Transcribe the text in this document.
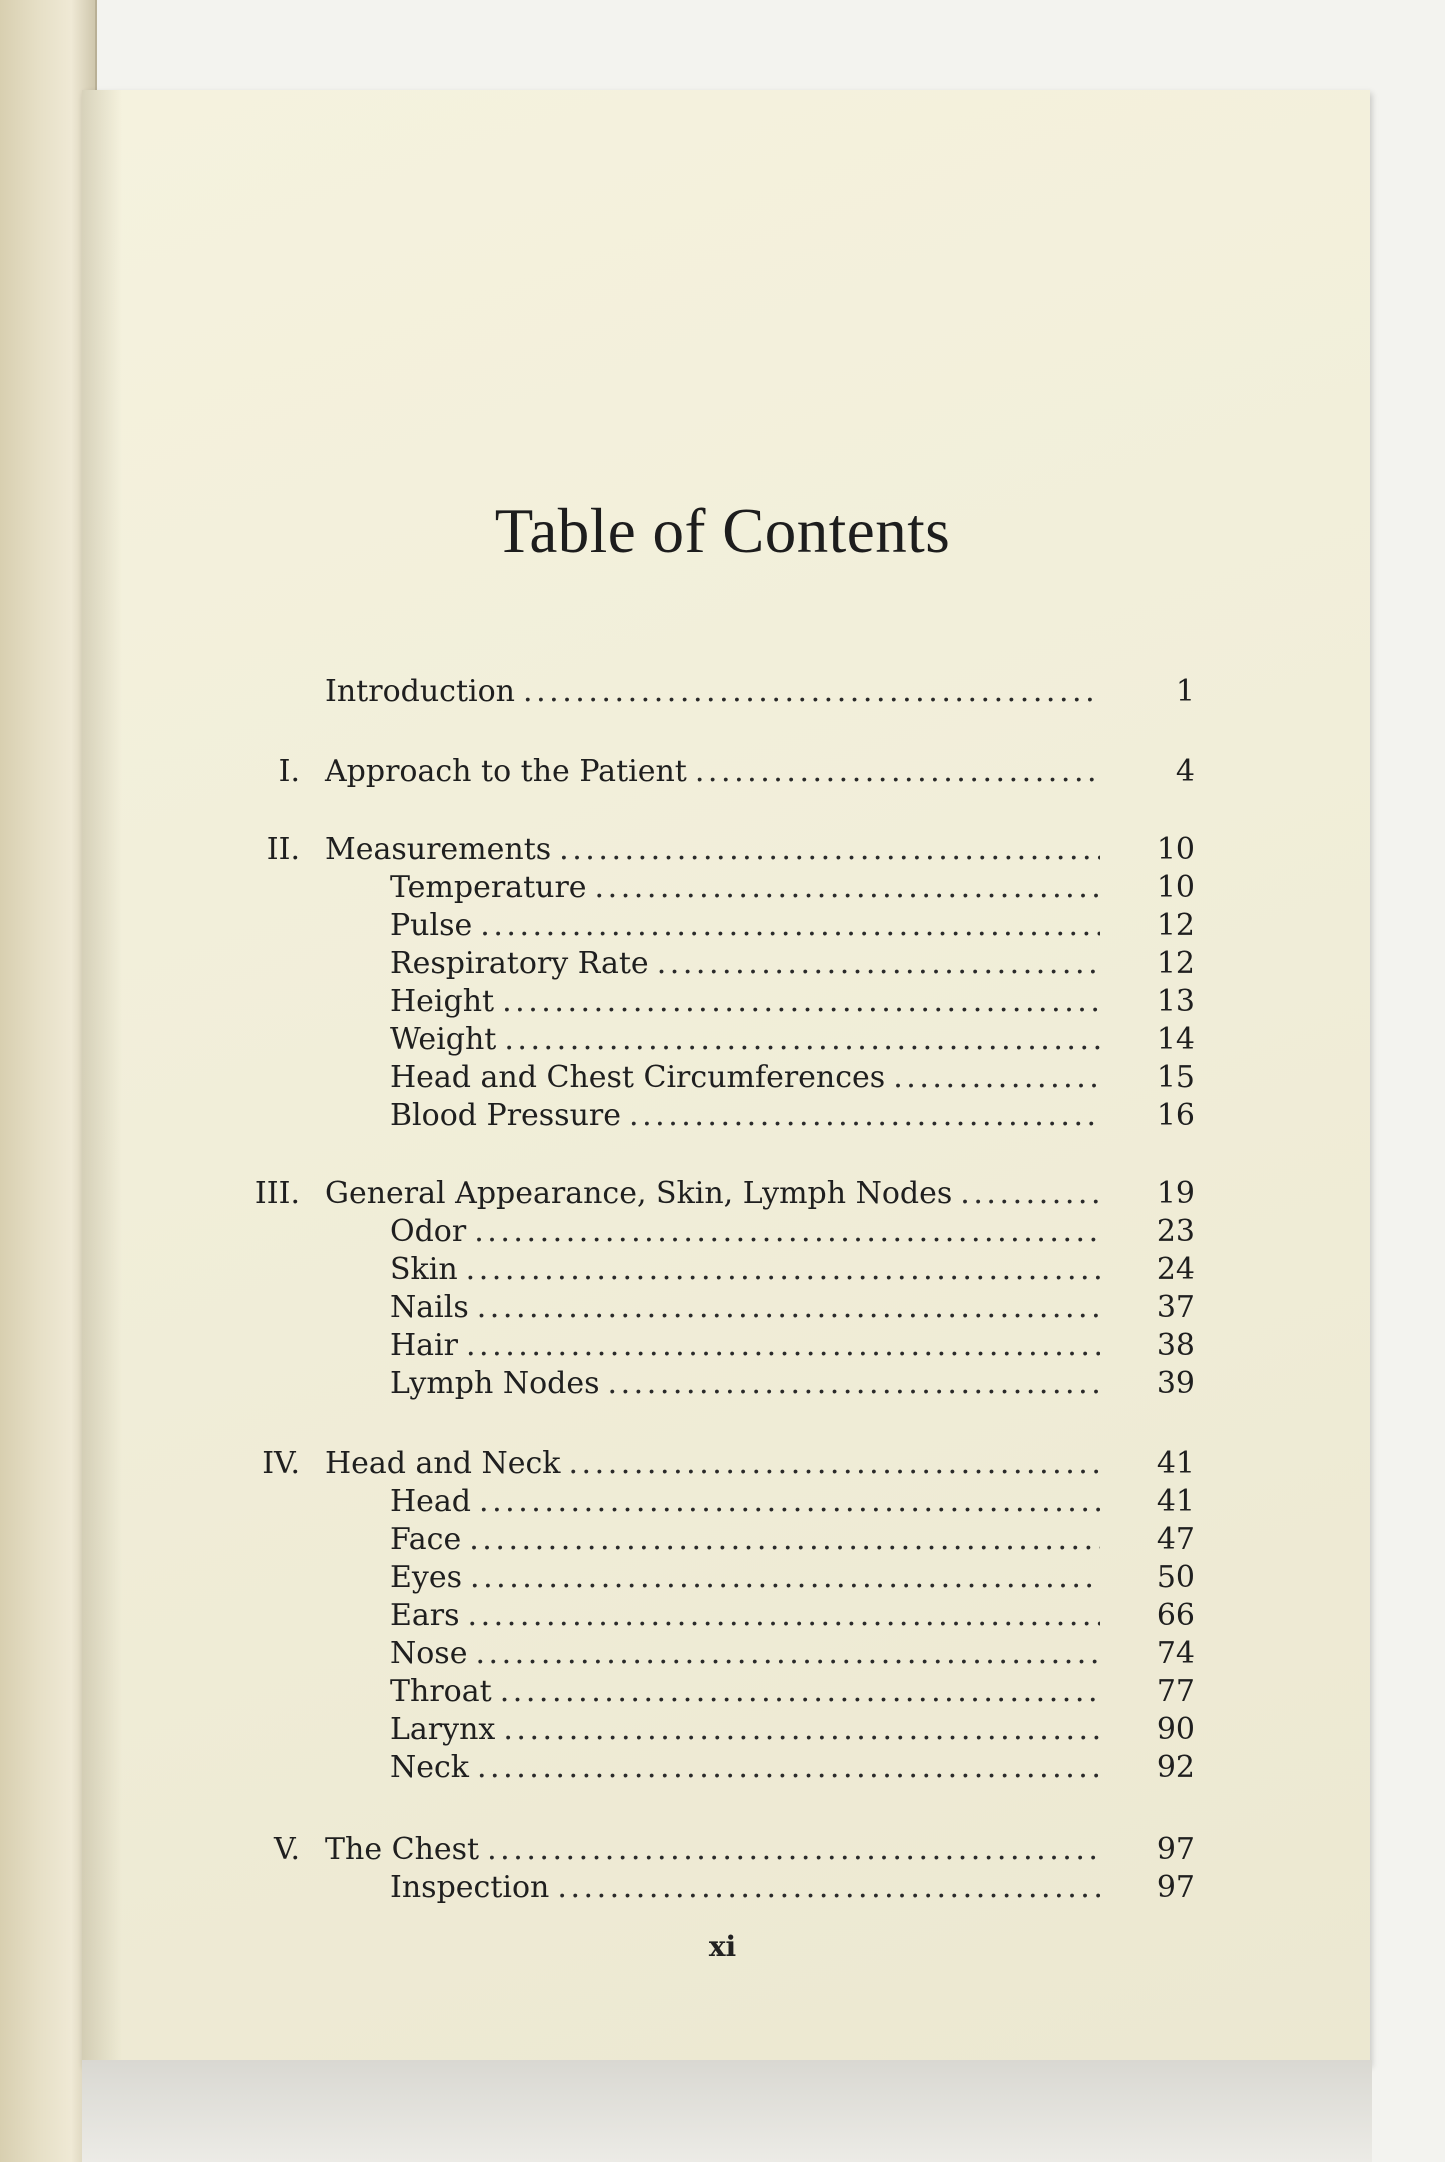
Table of Contents
Introduction . . .	1
I. Approach to the Patient . . .	4
II. Measurements . . .	10
Temperature . . .	10
Pulse . . .	12
Respiratory Rate . . .	12
Height . . .	13
Weight . . .	14
Head and Chest Circumferences . . .	15
Blood Pressure . . .	16
III. General Appearance, Skin, Lymph Nodes . . .	19
Odor . . .	23
Skin . . .	24
Nails . . .	37
Hair . . .	38
Lymph Nodes . . .	39
IV. Head and Neck . . .	41
Head . . .	41
Face . . .	47
Eyes . . .	50
Ears . . .	66
Nose . . .	74
Throat . . .	77
Larynx . . .	90
Neck . . .	92
V. The Chest . . .	97
Inspection . . .	97
xi
